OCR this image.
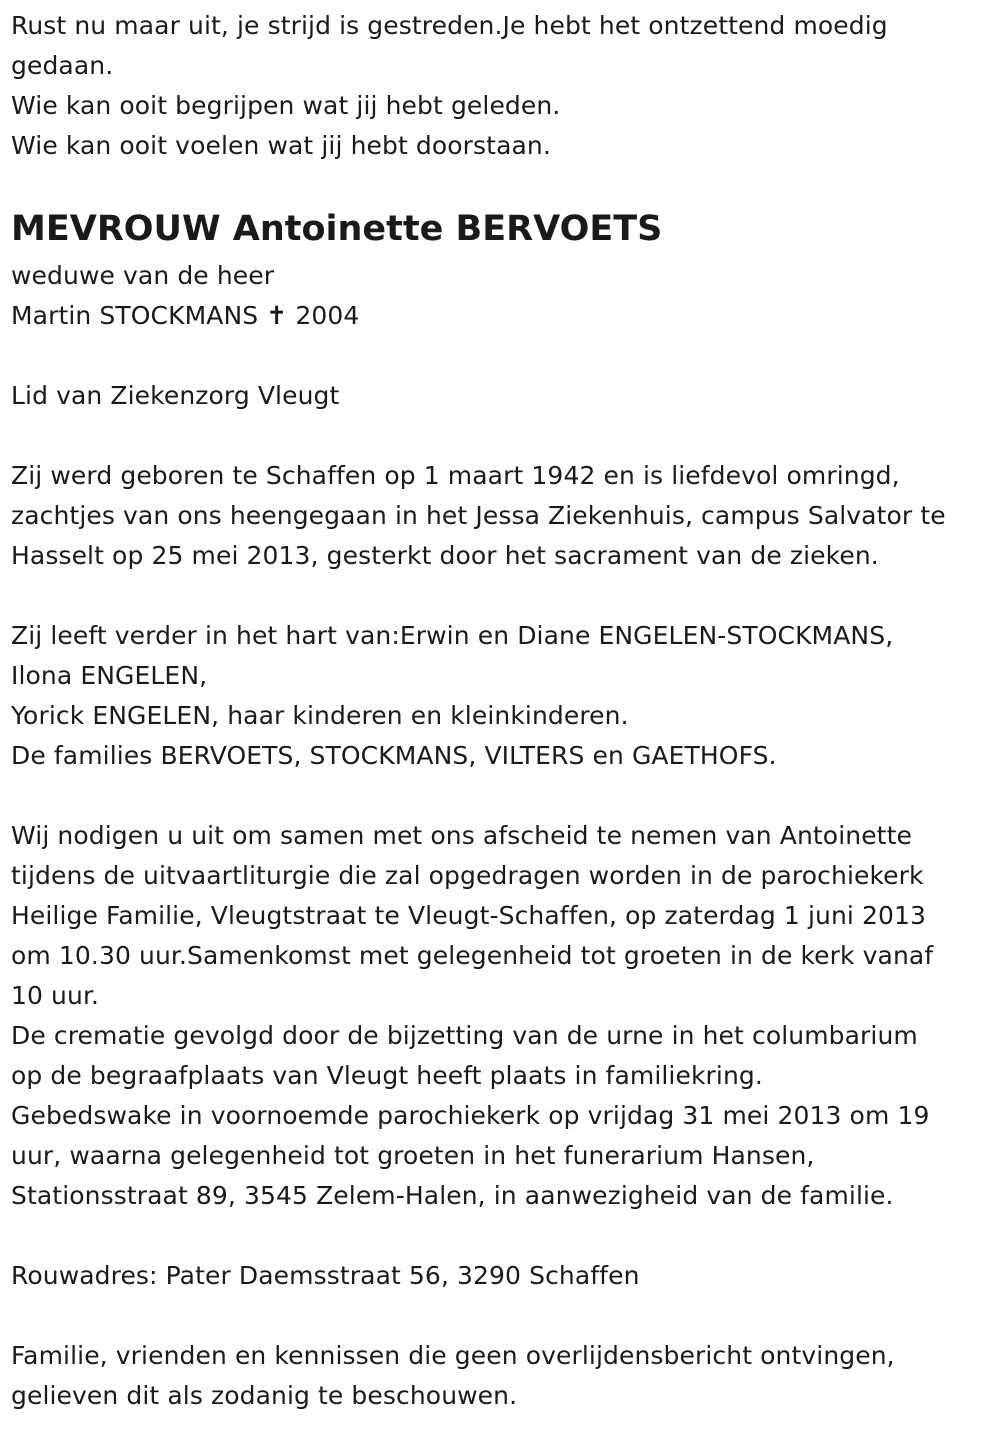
Rust nu maar uit, je strijd is gestreden.Je hebt het ontzettend moedig
gedaan.
Wie kan ooit begrijpen wat jij hebt geleden.
Wie kan ooit voelen wat jij hebt doorstaan.
MEVROUW Antoinette BERVOETS
weduwe van de heer
Martin STOCKMANS ✝ 2004
Lid van Ziekenzorg Vleugt
Zij werd geboren te Schaffen op 1 maart 1942 en is liefdevol omringd,
zachtjes van ons heengegaan in het Jessa Ziekenhuis, campus Salvator te
Hasselt op 25 mei 2013, gesterkt door het sacrament van de zieken.
Zij leeft verder in het hart van:Erwin en Diane ENGELEN-STOCKMANS,
Ilona ENGELEN,
Yorick ENGELEN, haar kinderen en kleinkinderen.
De families BERVOETS, STOCKMANS, VILTERS en GAETHOFS.
Wij nodigen u uit om samen met ons afscheid te nemen van Antoinette
tijdens de uitvaartliturgie die zal opgedragen worden in de parochiekerk
Heilige Familie, Vleugtstraat te Vleugt-Schaffen, op zaterdag 1 juni 2013
om 10.30 uur.Samenkomst met gelegenheid tot groeten in de kerk vanaf
10 uur.
De crematie gevolgd door de bijzetting van de urne in het columbarium
op de begraafplaats van Vleugt heeft plaats in familiekring.
Gebedswake in voornoemde parochiekerk op vrijdag 31 mei 2013 om 19
uur, waarna gelegenheid tot groeten in het funerarium Hansen,
Stationsstraat 89, 3545 Zelem-Halen, in aanwezigheid van de familie.
Rouwadres: Pater Daemsstraat 56, 3290 Schaffen
Familie, vrienden en kennissen die geen overlijdensbericht ontvingen,
gelieven dit als zodanig te beschouwen.
